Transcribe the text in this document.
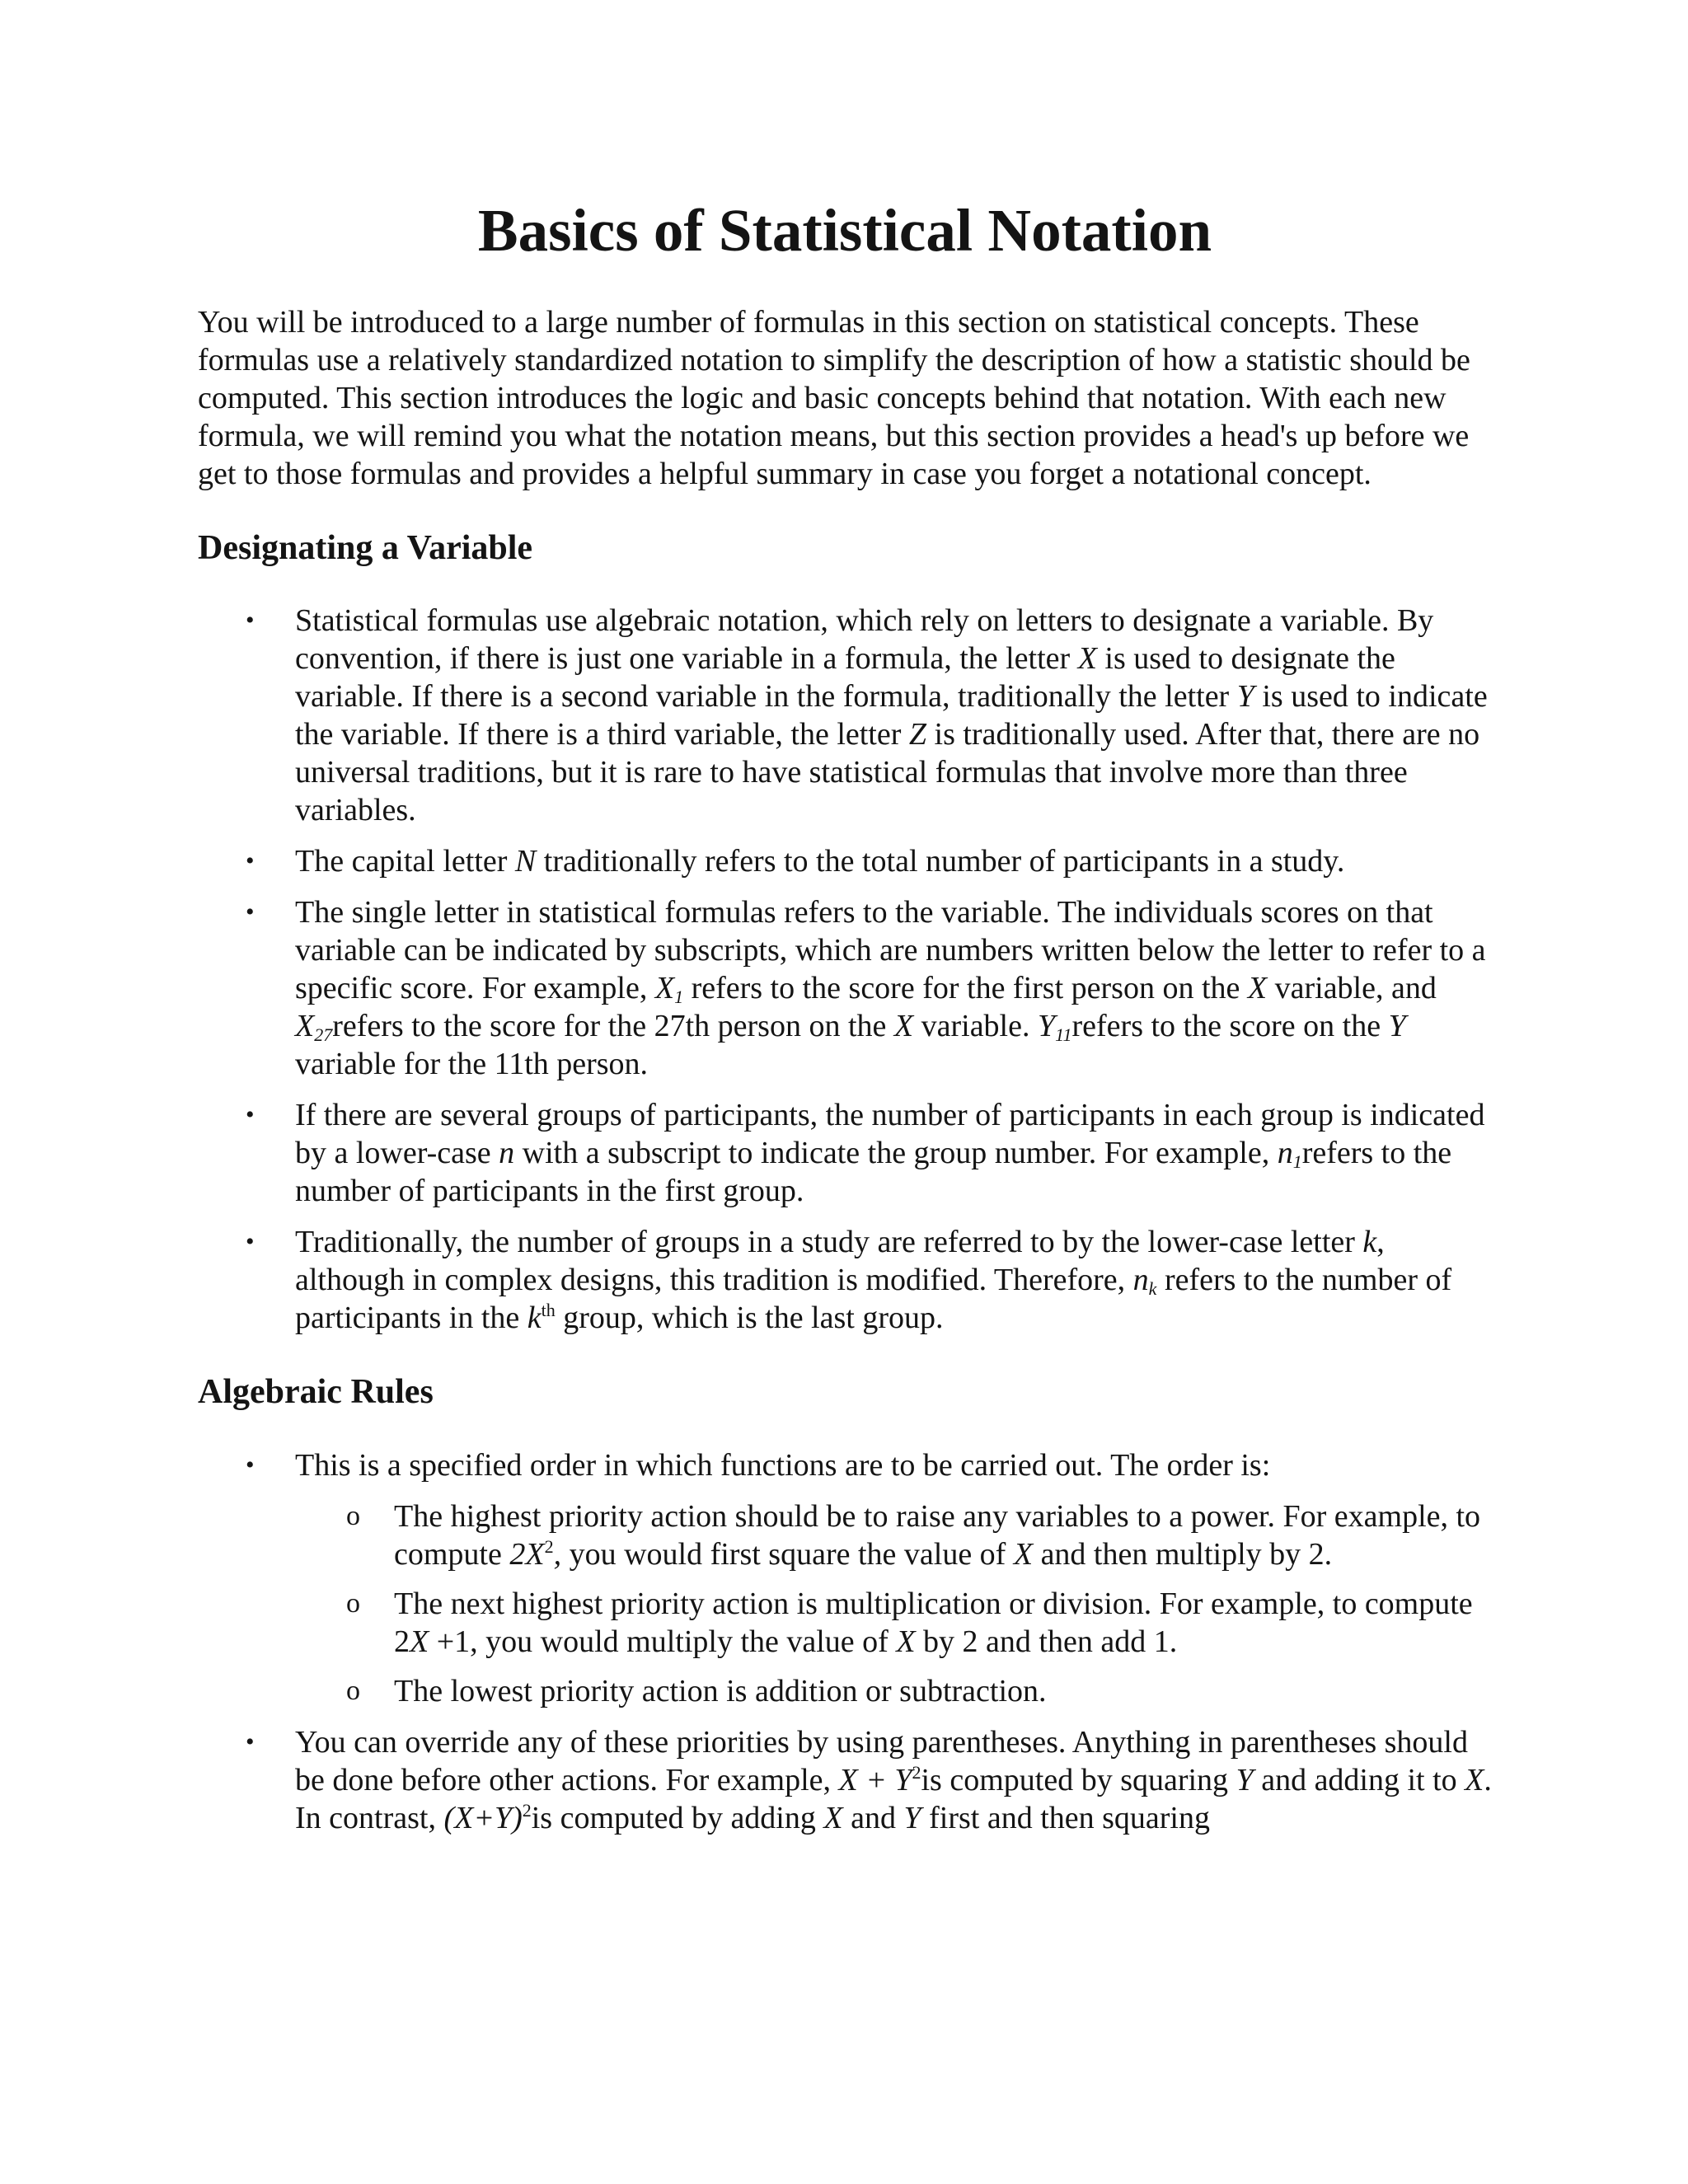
Basics of Statistical Notation

You will be introduced to a large number of formulas in this section on statistical concepts. These formulas use a relatively standardized notation to simplify the description of how a statistic should be computed. This section introduces the logic and basic concepts behind that notation. With each new formula, we will remind you what the notation means, but this section provides a head's up before we get to those formulas and provides a helpful summary in case you forget a notational concept.

Designating a Variable
• Statistical formulas use algebraic notation, which rely on letters to designate a variable. By convention, if there is just one variable in a formula, the letter X is used to designate the variable. If there is a second variable in the formula, traditionally the letter Y is used to indicate the variable. If there is a third variable, the letter Z is traditionally used. After that, there are no universal traditions, but it is rare to have statistical formulas that involve more than three variables.
• The capital letter N traditionally refers to the total number of participants in a study.
• The single letter in statistical formulas refers to the variable. The individuals scores on that variable can be indicated by subscripts, which are numbers written below the letter to refer to a specific score. For example, $X_1$ refers to the score for the first person on the X variable, and $X_{27}refers$ to the score for the 27th person on the X variable. $Y_{11}refers$ to the score on the Y variable for the 11th person.
• If there are several groups of participants, the number of participants in each group is indicated by a lower-case n with a subscript to indicate the group number. For example, $n_1refers$ to the number of participants in the first group.
• Traditionally, the number of groups in a study are referred to by the lower-case letter k, although in complex designs, this tradition is modified. Therefore, $n_k$ refers to the number of participants in the $k^{th}$ group, which is the last group.
Algebraic Rules
• This is a specified order in which functions are to be carried out. The order is:
o The highest priority action should be to raise any variables to a power. For example, to compute $2X^2$, you would first square the value of X and then multiply by 2.
o The next highest priority action is multiplication or division. For example, to compute 2X +1, you would multiply the value of X by 2 and then add 1.
o The lowest priority action is addition or subtraction.
• You can override any of these priorities by using parentheses. Anything in parentheses should be done before other actions. For example, $X + Y^2is$ computed by squaring Y and adding it to X. In contrast, $(X+Y)^2is$ computed by adding X and Y first and then squaring
